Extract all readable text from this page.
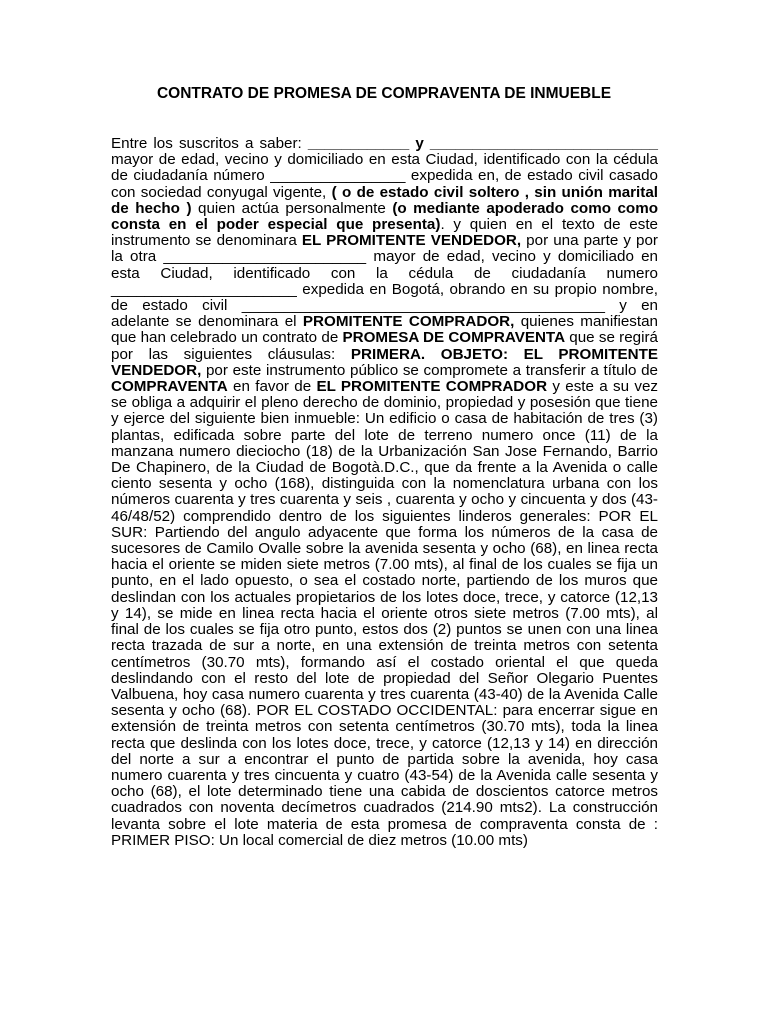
CONTRATO DE PROMESA DE COMPRAVENTA DE INMUEBLE

Entre los suscritos a saber: ____________ y ___________________________ mayor de edad, vecino y domiciliado en esta Ciudad, identificado con la cédula de ciudadanía número ________________ expedida en, de estado civil casado con sociedad conyugal vigente, ( o de estado civil soltero , sin unión marital de hecho ) quien actúa personalmente (o mediante apoderado como como consta en el poder especial que presenta). y quien en el texto de este instrumento se denominara EL PROMITENTE VENDEDOR, por una parte y por la otra ________________________ mayor de edad, vecino y domiciliado en esta Ciudad, identificado con la cédula de ciudadanía numero ______________________ expedida en Bogotá, obrando en su propio nombre, de estado civil ___________________________________________ y en adelante se denominara el PROMITENTE COMPRADOR, quienes manifiestan que han celebrado un contrato de PROMESA DE COMPRAVENTA que se regirá por las siguientes cláusulas: PRIMERA. OBJETO: EL PROMITENTE VENDEDOR, por este instrumento público se compromete a transferir a título de COMPRAVENTA en favor de EL PROMITENTE COMPRADOR y este a su vez se obliga a adquirir el pleno derecho de dominio, propiedad y posesión que tiene y ejerce del siguiente bien inmueble: Un edificio o casa de habitación de tres (3) plantas, edificada sobre parte del lote de terreno numero once (11) de la manzana numero dieciocho (18) de la Urbanización San Jose Fernando, Barrio De Chapinero, de la Ciudad de Bogotà.D.C., que da frente a la Avenida o calle ciento sesenta y ocho (168), distinguida con la nomenclatura urbana con los números cuarenta y tres cuarenta y seis , cuarenta y ocho y cincuenta y dos (43-46/48/52) comprendido dentro de los siguientes linderos generales: POR EL SUR: Partiendo del angulo adyacente que forma los números de la casa de sucesores de Camilo Ovalle sobre la avenida sesenta y ocho (68), en linea recta hacia el oriente se miden siete metros (7.00 mts), al final de los cuales se fija un punto, en el lado opuesto, o sea el costado norte, partiendo de los muros que deslindan con los actuales propietarios de los lotes doce, trece, y catorce (12,13 y 14), se mide en linea recta hacia el oriente otros siete metros (7.00 mts), al final de los cuales se fija otro punto, estos dos (2) puntos se unen con una linea recta trazada de sur a norte, en una extensión de treinta metros con setenta centímetros (30.70 mts), formando así el costado oriental el que queda deslindando con el resto del lote de propiedad del Señor Olegario Puentes Valbuena, hoy casa numero cuarenta y tres cuarenta (43-40) de la Avenida Calle sesenta y ocho (68). POR EL COSTADO OCCIDENTAL: para encerrar sigue en extensión de treinta metros con setenta centímetros (30.70 mts), toda la linea recta que deslinda con los lotes doce, trece, y catorce (12,13 y 14) en dirección del norte a sur a encontrar el punto de partida sobre la avenida, hoy casa numero cuarenta y tres cincuenta y cuatro (43-54) de la Avenida calle sesenta y ocho (68), el lote determinado tiene una cabida de doscientos catorce metros cuadrados con noventa decímetros cuadrados (214.90 mts2). La construcción levanta sobre el lote materia de esta promesa de compraventa consta de : PRIMER PISO: Un local comercial de diez metros (10.00 mts)
